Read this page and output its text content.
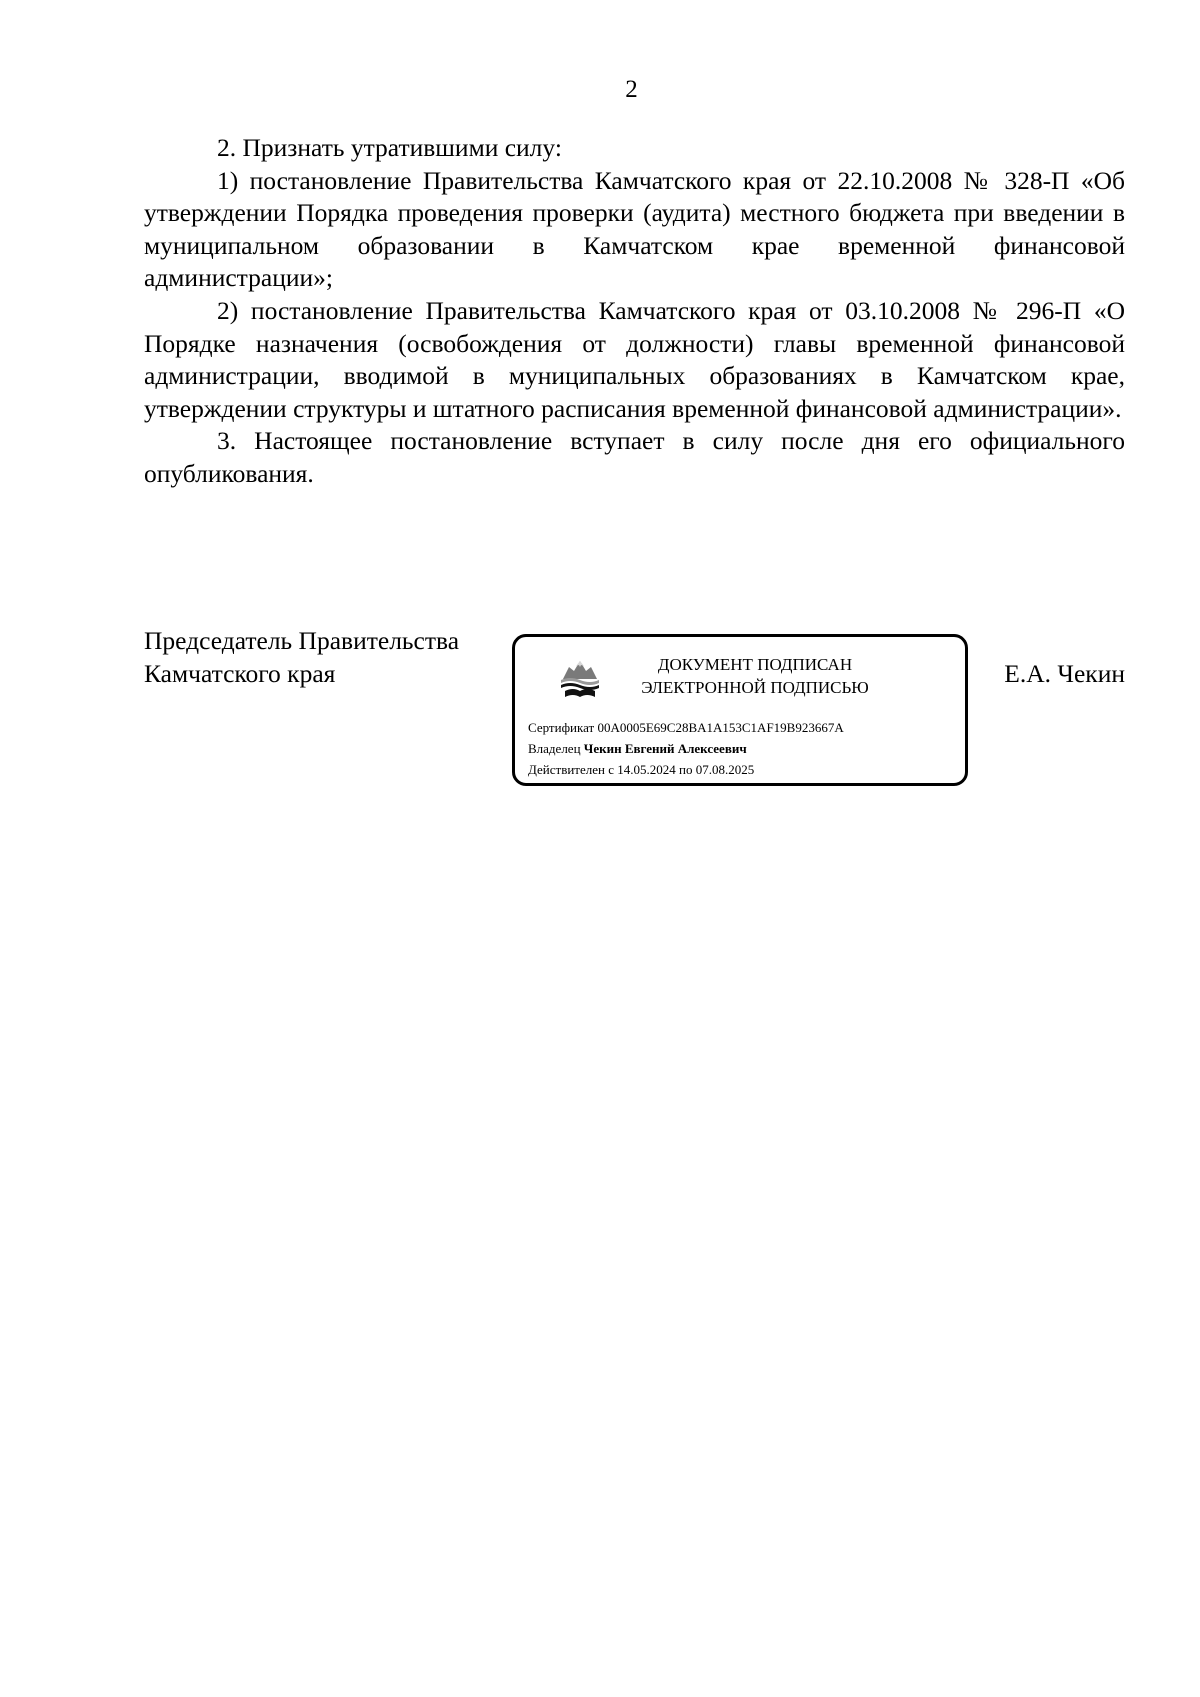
2

2. Признать утратившими силу:

1) постановление Правительства Камчатского края от 22.10.2008 № 328-П «Об утверждении Порядка проведения проверки (аудита) местного бюджета при введении в муниципальном образовании в Камчатском крае временной финансовой администрации»;

2) постановление Правительства Камчатского края от 03.10.2008 № 296-П «О Порядке назначения (освобождения от должности) главы временной финансовой администрации, вводимой в муниципальных образованиях в Камчатском крае, утверждении структуры и штатного расписания временной финансовой администрации».

3. Настоящее постановление вступает в силу после дня его официального опубликования.

Председатель Правительства
Камчатского края	ДОКУМЕНТ ПОДПИСАН
ЭЛЕКТРОННОЙ ПОДПИСЬЮ
Сертификат 00A0005E69C28BA1A153C1AF19B923667A
Владелец Чекин Евгений Алексеевич
Действителен с 14.05.2024 по 07.08.2025
Е.А. Чекин
